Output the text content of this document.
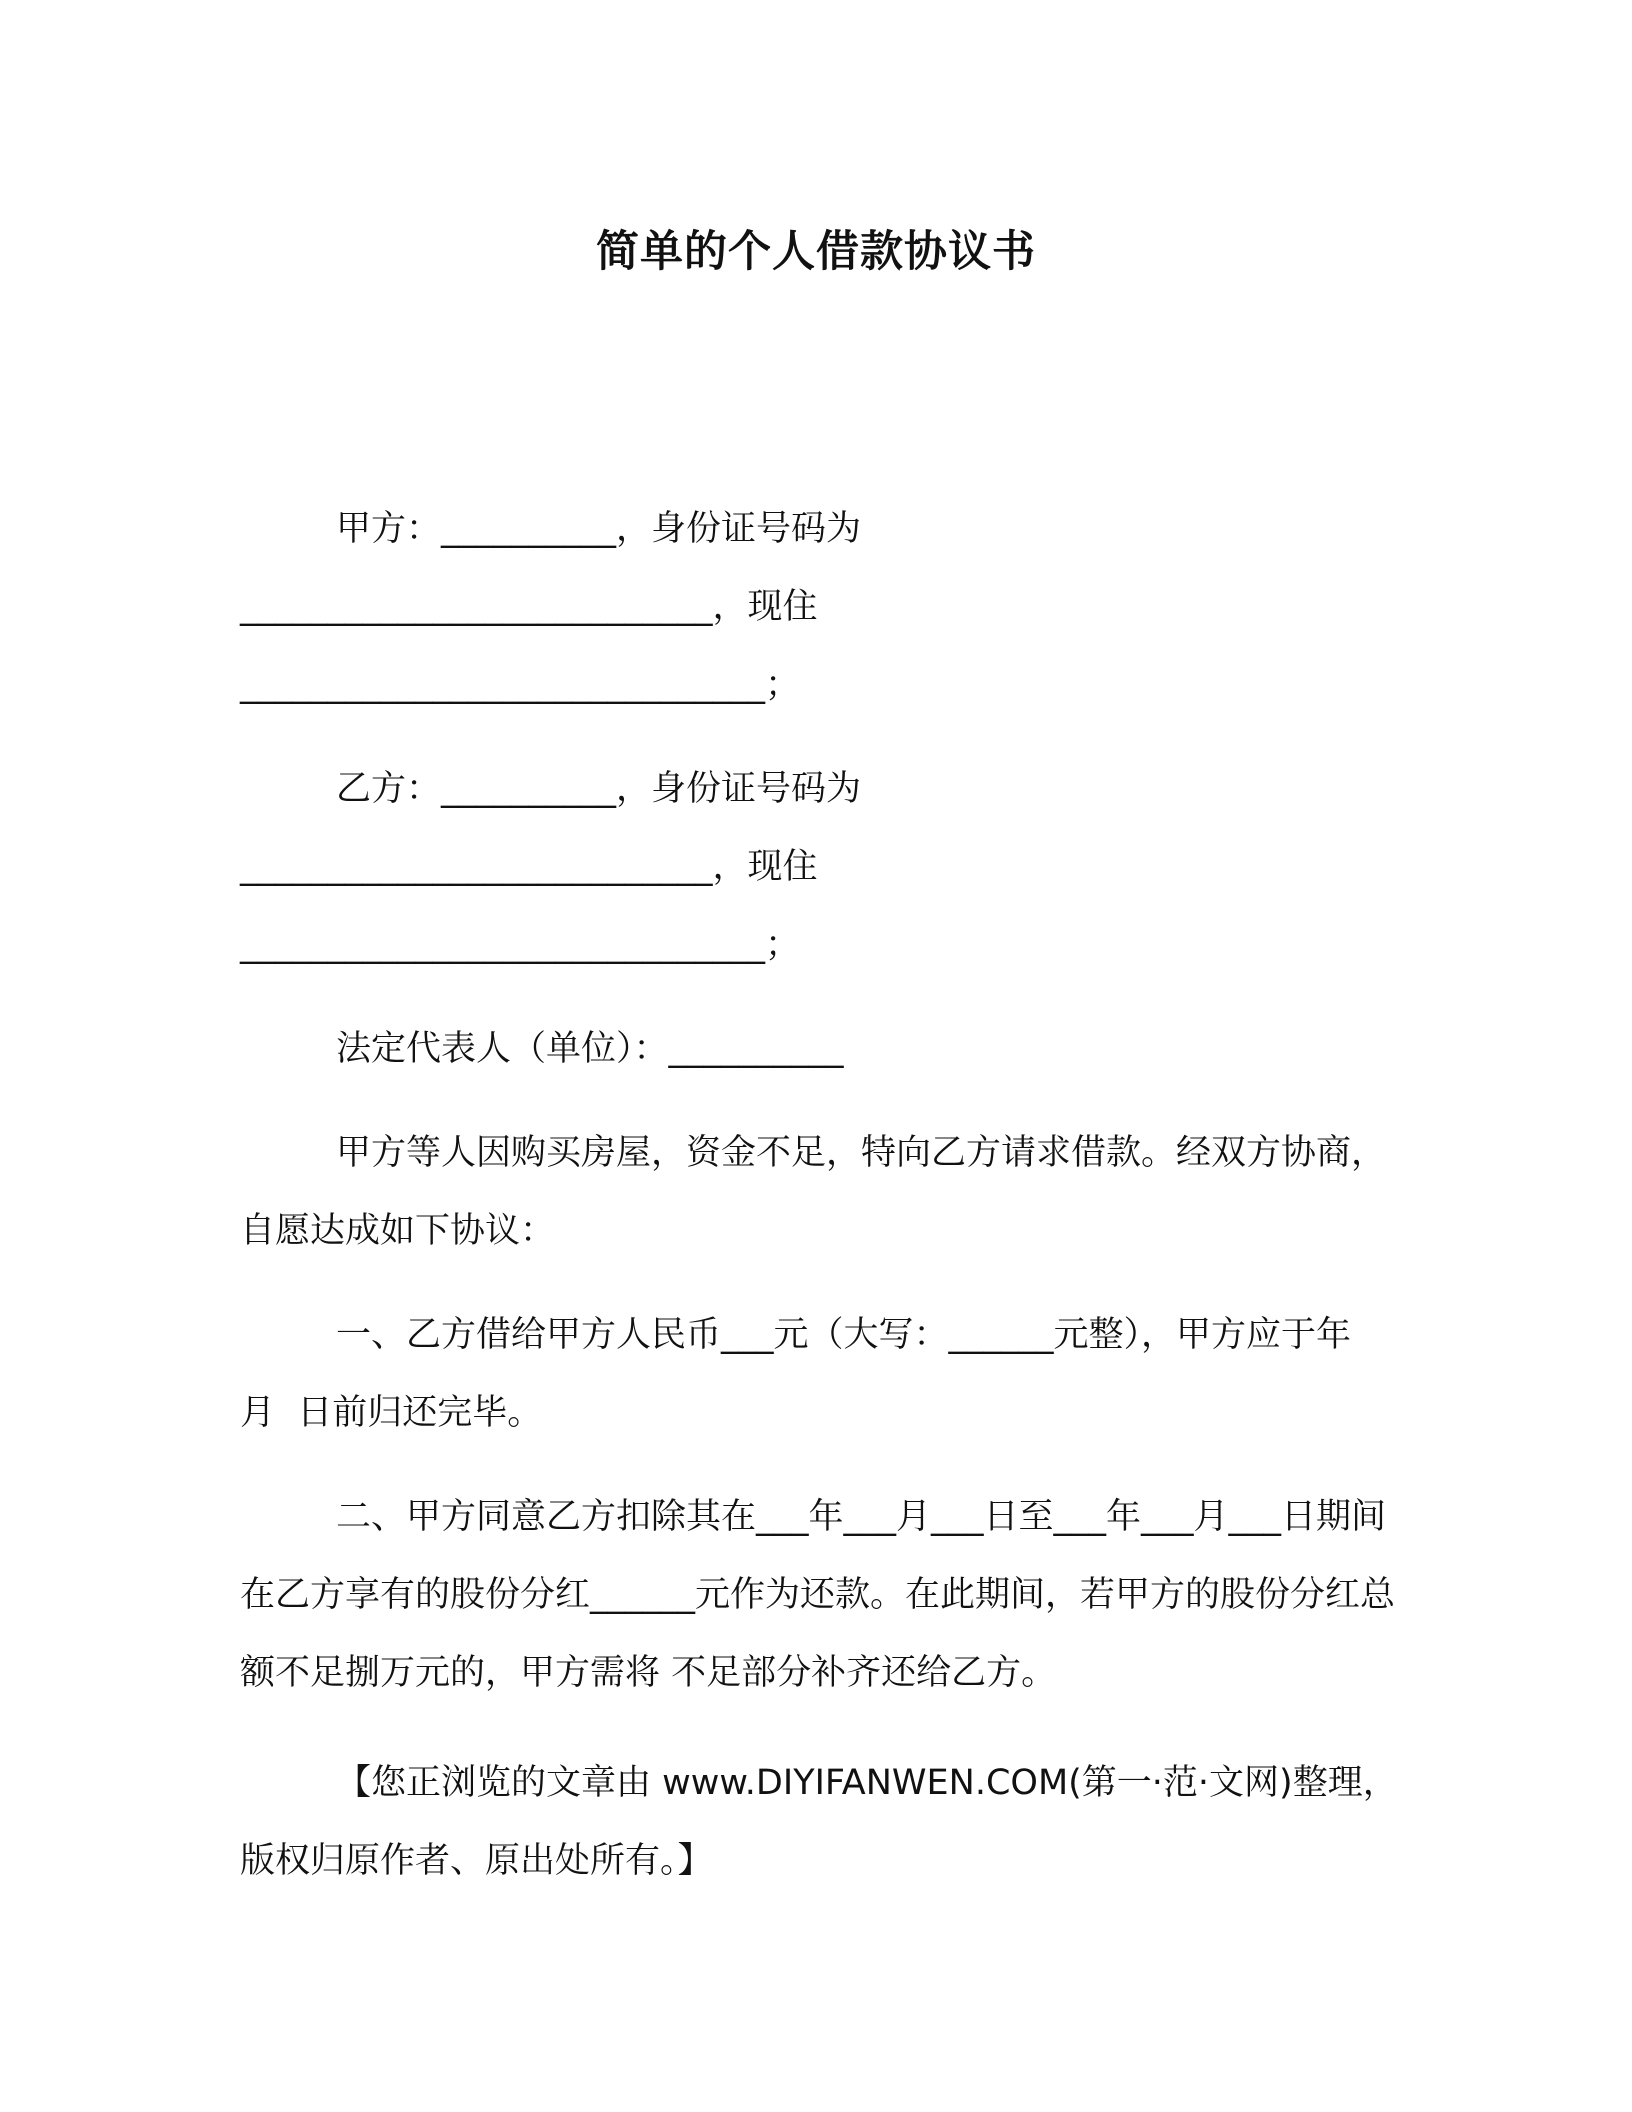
简单的个人借款协议书

甲方：__________，身份证号码为

___________________________，现住

______________________________；

乙方：__________，身份证号码为

___________________________，现住

______________________________；

法定代表人（单位）：__________

甲方等人因购买房屋，资金不足，特向乙方请求借款。经双方协商，自愿达成如下协议：

一、乙方借给甲方人民币___元（大写：______元整），甲方应于年  月  日前归还完毕。

二、甲方同意乙方扣除其在___年___月___日至___年___月___日期间在乙方享有的股份分红______元作为还款。在此期间，若甲方的股份分红总额不足捌万元的，甲方需将 不足部分补齐还给乙方。

【您正浏览的文章由 www.DIYIFANWEN.COM(第一·范·文网)整理，版权归原作者、原出处所有。】
